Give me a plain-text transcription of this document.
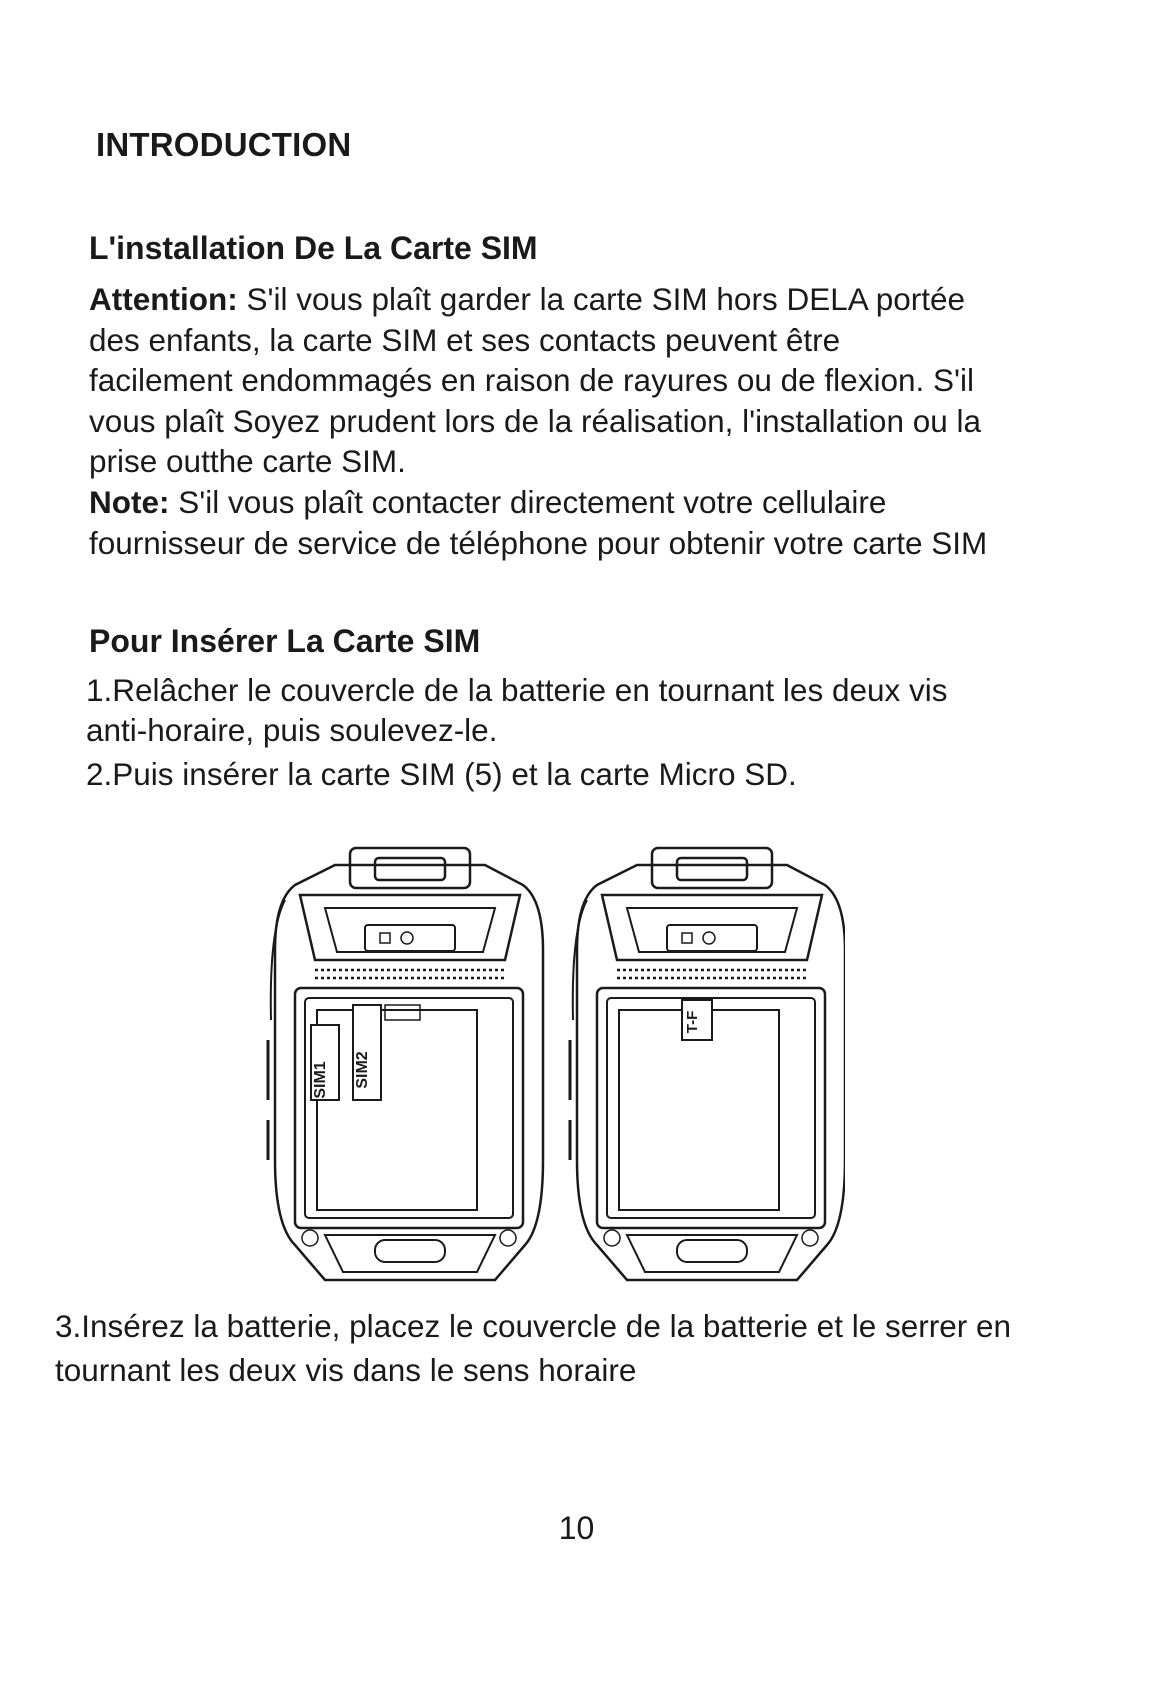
INTRODUCTION
L'installation De La Carte SIM
Attention: S'il vous plaît garder la carte SIM hors DELA portée des enfants, la carte SIM et ses contacts peuvent être facilement endommagés en raison de rayures ou de flexion. S'il vous plaît Soyez prudent lors de la réalisation, l'installation ou la prise outthe carte SIM.
Note: S'il vous plaît contacter directement votre cellulaire fournisseur de service de téléphone pour obtenir votre carte SIM
Pour Insérer La Carte SIM
1.Relâcher le couvercle de la batterie en tournant les deux vis anti-horaire, puis soulevez-le.
2.Puis insérer la carte SIM (5) et la carte Micro SD.
SIM1 SIM2
T-F
3.Insérez la batterie, placez le couvercle de la batterie et le serrer en tournant les deux vis dans le sens horaire
10
